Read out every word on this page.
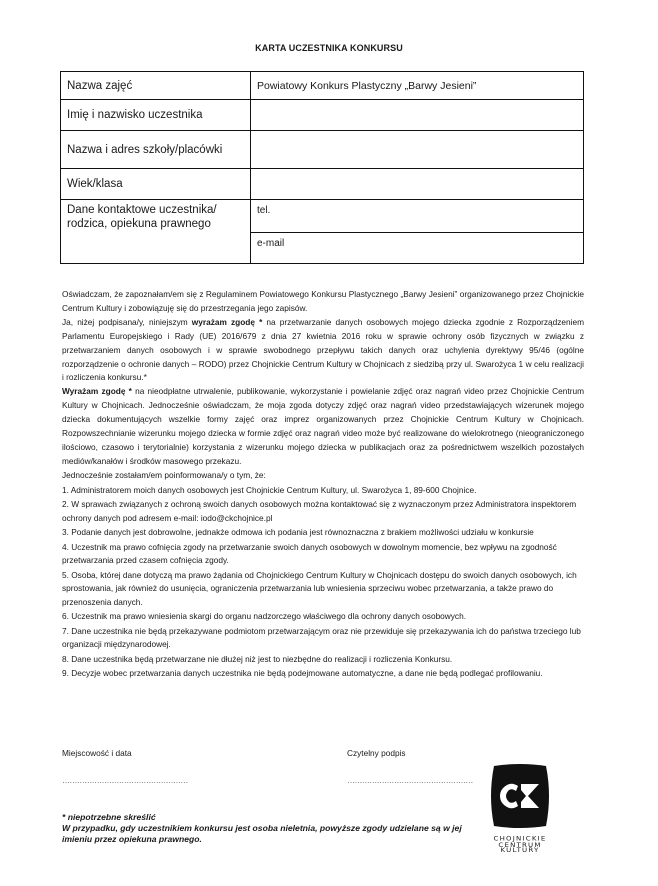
KARTA UCZESTNIKA KONKURSU
Nazwa zajęć	Powiatowy Konkurs Plastyczny „Barwy Jesieni”
Imię i nazwisko uczestnika	
Nazwa i adres szkoły/placówki	
Wiek/klasa	
Dane kontaktowe uczestnika/ rodzica, opiekuna prawnego	tel.
	e-mail

Oświadczam, że zapoznałam/em się z Regulaminem Powiatowego Konkursu Plastycznego „Barwy Jesieni” organizowanego przez Chojnickie Centrum Kultury i zobowiązuję się do przestrzegania jego zapisów.

Ja, niżej podpisana/y, niniejszym wyrażam zgodę * na przetwarzanie danych osobowych mojego dziecka zgodnie z Rozporządzeniem Parlamentu Europejskiego i Rady (UE) 2016/679 z dnia 27 kwietnia 2016 roku w sprawie ochrony osób fizycznych w związku z przetwarzaniem danych osobowych i w sprawie swobodnego przepływu takich danych oraz uchylenia dyrektywy 95/46 (ogólne rozporządzenie o ochronie danych – RODO) przez Chojnickie Centrum Kultury w Chojnicach z siedzibą przy ul. Swarożyca 1 w celu realizacji i rozliczenia konkursu.*

Wyrażam zgodę * na nieodpłatne utrwalenie, publikowanie, wykorzystanie i powielanie zdjęć oraz nagrań video przez Chojnickie Centrum Kultury w Chojnicach. Jednocześnie oświadczam, że moja zgoda dotyczy zdjęć oraz nagrań video przedstawiających wizerunek mojego dziecka dokumentujących wszelkie formy zajęć oraz imprez organizowanych przez Chojnickie Centrum Kultury w Chojnicach. Rozpowszechnianie wizerunku mojego dziecka w formie zdjęć oraz nagrań video może być realizowane do wielokrotnego (nieograniczonego ilościowo, czasowo i terytorialnie) korzystania z wizerunku mojego dziecka w publikacjach oraz za pośrednictwem wszelkich pozostałych mediów/kanałów i środków masowego przekazu.

Jednocześnie zostałam/em poinformowana/y o tym, że:

1. Administratorem moich danych osobowych jest Chojnickie Centrum Kultury, ul. Swarożyca 1, 89-600 Chojnice.

2. W sprawach związanych z ochroną swoich danych osobowych można kontaktować się z wyznaczonym przez Administratora inspektorem ochrony danych pod adresem e-mail: iodo@ckchojnice.pl

3. Podanie danych jest dobrowolne, jednakże odmowa ich podania jest równoznaczna z brakiem możliwości udziału w konkursie

4. Uczestnik ma prawo cofnięcia zgody na przetwarzanie swoich danych osobowych w dowolnym momencie, bez wpływu na zgodność przetwarzania przed czasem cofnięcia zgody.

5. Osoba, której dane dotyczą ma prawo żądania od Chojnickiego Centrum Kultury w Chojnicach dostępu do swoich danych osobowych, ich sprostowania, jak również do usunięcia, ograniczenia przetwarzania lub wniesienia sprzeciwu wobec przetwarzania, a także prawo do przenoszenia danych.

6. Uczestnik ma prawo wniesienia skargi do organu nadzorczego właściwego dla ochrony danych osobowych.

7. Dane uczestnika nie będą przekazywane podmiotom przetwarzającym oraz nie przewiduje się przekazywania ich do państwa trzeciego lub organizacji międzynarodowej.

8. Dane uczestnika będą przetwarzane nie dłużej niż jest to niezbędne do realizacji i rozliczenia Konkursu.

9. Decyzje wobec przetwarzania danych uczestnika nie będą podejmowane automatyczne, a dane nie będą podlegać profilowaniu.

Miejscowość i data	Czytelny podpis
……………………………………………	……………………………………………
* niepotrzebne skreślić
W przypadku, gdy uczestnikiem konkursu jest osoba nieletnia, powyższe zgody udzielane są w jej imieniu przez opiekuna prawnego.	CHOJNICKIE
CENTRUM
KULTURY
